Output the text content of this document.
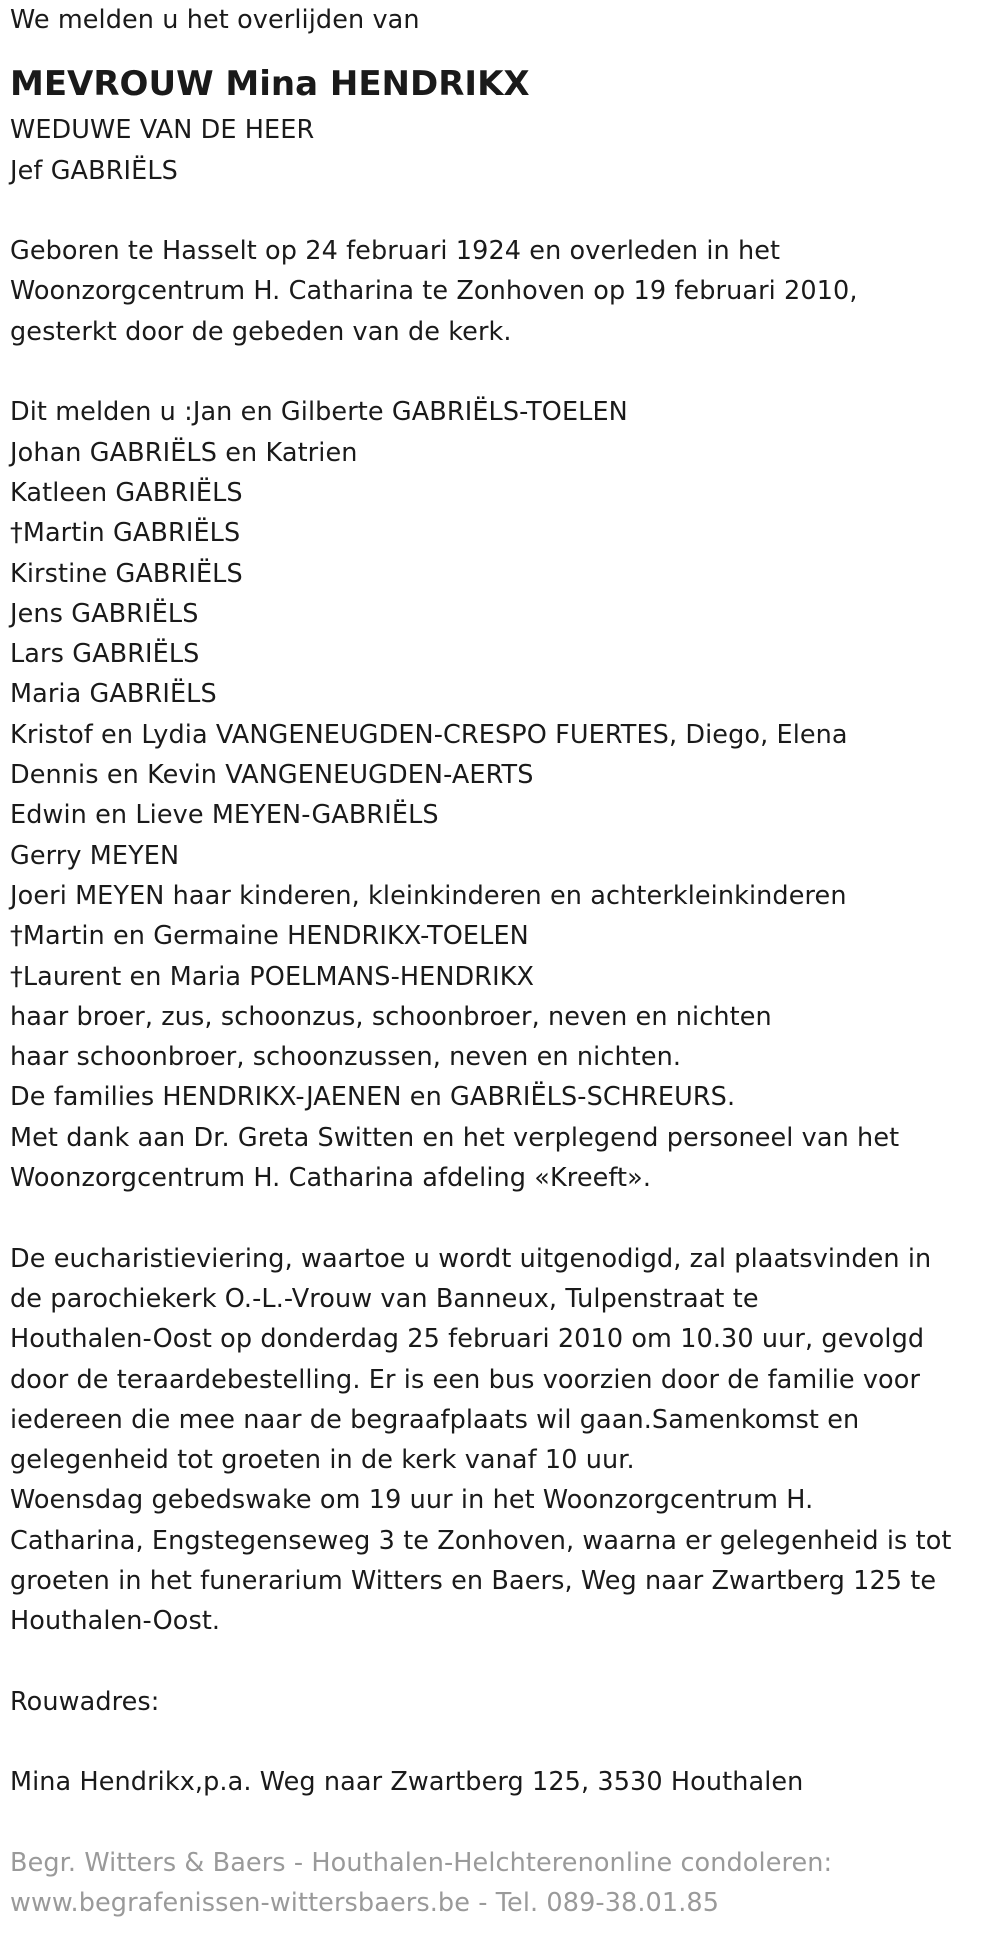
We melden u het overlijden van
MEVROUW Mina HENDRIKX
WEDUWE VAN DE HEER
Jef GABRIËLS
Geboren te Hasselt op 24 februari 1924 en overleden in het
Woonzorgcentrum H. Catharina te Zonhoven op 19 februari 2010,
gesterkt door de gebeden van de kerk.
Dit melden u :Jan en Gilberte GABRIËLS-TOELEN
Johan GABRIËLS en Katrien
Katleen GABRIËLS
†Martin GABRIËLS
Kirstine GABRIËLS
Jens GABRIËLS
Lars GABRIËLS
Maria GABRIËLS
Kristof en Lydia VANGENEUGDEN-CRESPO FUERTES, Diego, Elena
Dennis en Kevin VANGENEUGDEN-AERTS
Edwin en Lieve MEYEN-GABRIËLS
Gerry MEYEN
Joeri MEYEN haar kinderen, kleinkinderen en achterkleinkinderen
†Martin en Germaine HENDRIKX-TOELEN
†Laurent en Maria POELMANS-HENDRIKX
haar broer, zus, schoonzus, schoonbroer, neven en nichten
haar schoonbroer, schoonzussen, neven en nichten.
De families HENDRIKX-JAENEN en GABRIËLS-SCHREURS.
Met dank aan Dr. Greta Switten en het verplegend personeel van het
Woonzorgcentrum H. Catharina afdeling «Kreeft».
De eucharistieviering, waartoe u wordt uitgenodigd, zal plaatsvinden in
de parochiekerk O.-L.-Vrouw van Banneux, Tulpenstraat te
Houthalen-Oost op donderdag 25 februari 2010 om 10.30 uur, gevolgd
door de teraardebestelling. Er is een bus voorzien door de familie voor
iedereen die mee naar de begraafplaats wil gaan.Samenkomst en
gelegenheid tot groeten in de kerk vanaf 10 uur.
Woensdag gebedswake om 19 uur in het Woonzorgcentrum H.
Catharina, Engstegenseweg 3 te Zonhoven, waarna er gelegenheid is tot
groeten in het funerarium Witters en Baers, Weg naar Zwartberg 125 te
Houthalen-Oost.
Rouwadres:
Mina Hendrikx,p.a. Weg naar Zwartberg 125, 3530 Houthalen
Begr. Witters & Baers - Houthalen-Helchterenonline condoleren:
www.begrafenissen-wittersbaers.be - Tel. 089-38.01.85
